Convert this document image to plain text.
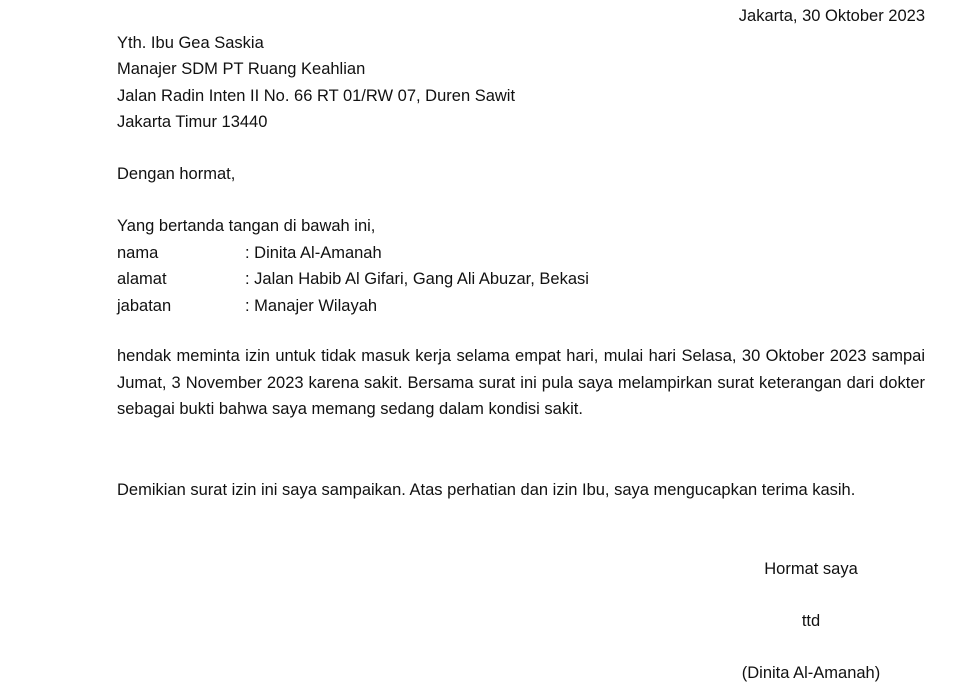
Jakarta, 30 Oktober 2023
Yth. Ibu Gea Saskia
Manajer SDM PT Ruang Keahlian
Jalan Radin Inten II No. 66 RT 01/RW 07, Duren Sawit
Jakarta Timur 13440
Dengan hormat,
Yang bertanda tangan di bawah ini,
nama	: Dinita Al-Amanah
alamat	: Jalan Habib Al Gifari, Gang Ali Abuzar, Bekasi
jabatan	: Manajer Wilayah
hendak meminta izin untuk tidak masuk kerja selama empat hari, mulai hari Selasa, 30 Oktober 2023 sampai Jumat, 3 November 2023 karena sakit. Bersama surat ini pula saya melampirkan surat keterangan dari dokter sebagai bukti bahwa saya memang sedang dalam kondisi sakit.
Demikian surat izin ini saya sampaikan. Atas perhatian dan izin Ibu, saya mengucapkan terima kasih.
Hormat saya
ttd
(Dinita Al-Amanah)
